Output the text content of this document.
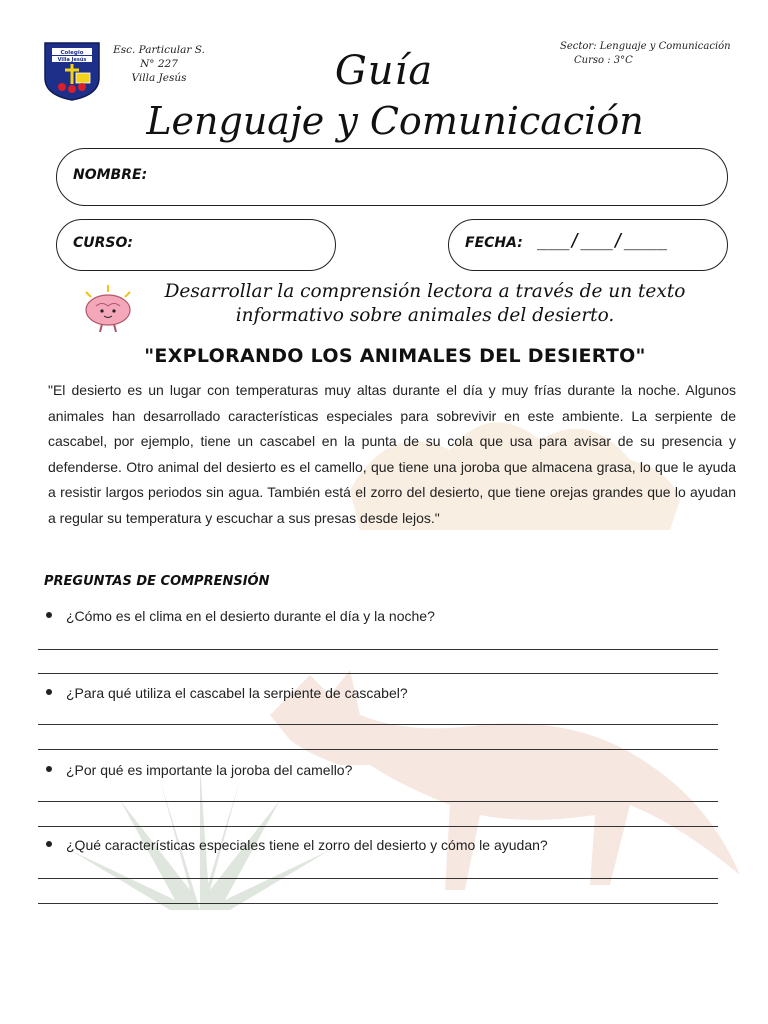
Colegio
Villa Jesús
Esc. Particular S.
N° 227
Villa Jesús
Sector: Lenguaje y Comunicación
Curso : 3°C
Guía
Lenguaje y Comunicación
NOMBRE:
CURSO:	FECHA: ___/___/____
Desarrollar la comprensión lectora a través de un texto informativo sobre animales del desierto.
"EXPLORANDO LOS ANIMALES DEL DESIERTO"
"El desierto es un lugar con temperaturas muy altas durante el día y muy frías durante la noche. Algunos animales han desarrollado características especiales para sobrevivir en este ambiente. La serpiente de cascabel, por ejemplo, tiene un cascabel en la punta de su cola que usa para avisar de su presencia y defenderse. Otro animal del desierto es el camello, que tiene una joroba que almacena grasa, lo que le ayuda a resistir largos periodos sin agua. También está el zorro del desierto, que tiene orejas grandes que lo ayudan a regular su temperatura y escuchar a sus presas desde lejos."
PREGUNTAS DE COMPRENSIÓN
¿Cómo es el clima en el desierto durante el día y la noche?
¿Para qué utiliza el cascabel la serpiente de cascabel?
¿Por qué es importante la joroba del camello?
¿Qué características especiales tiene el zorro del desierto y cómo le ayudan?
